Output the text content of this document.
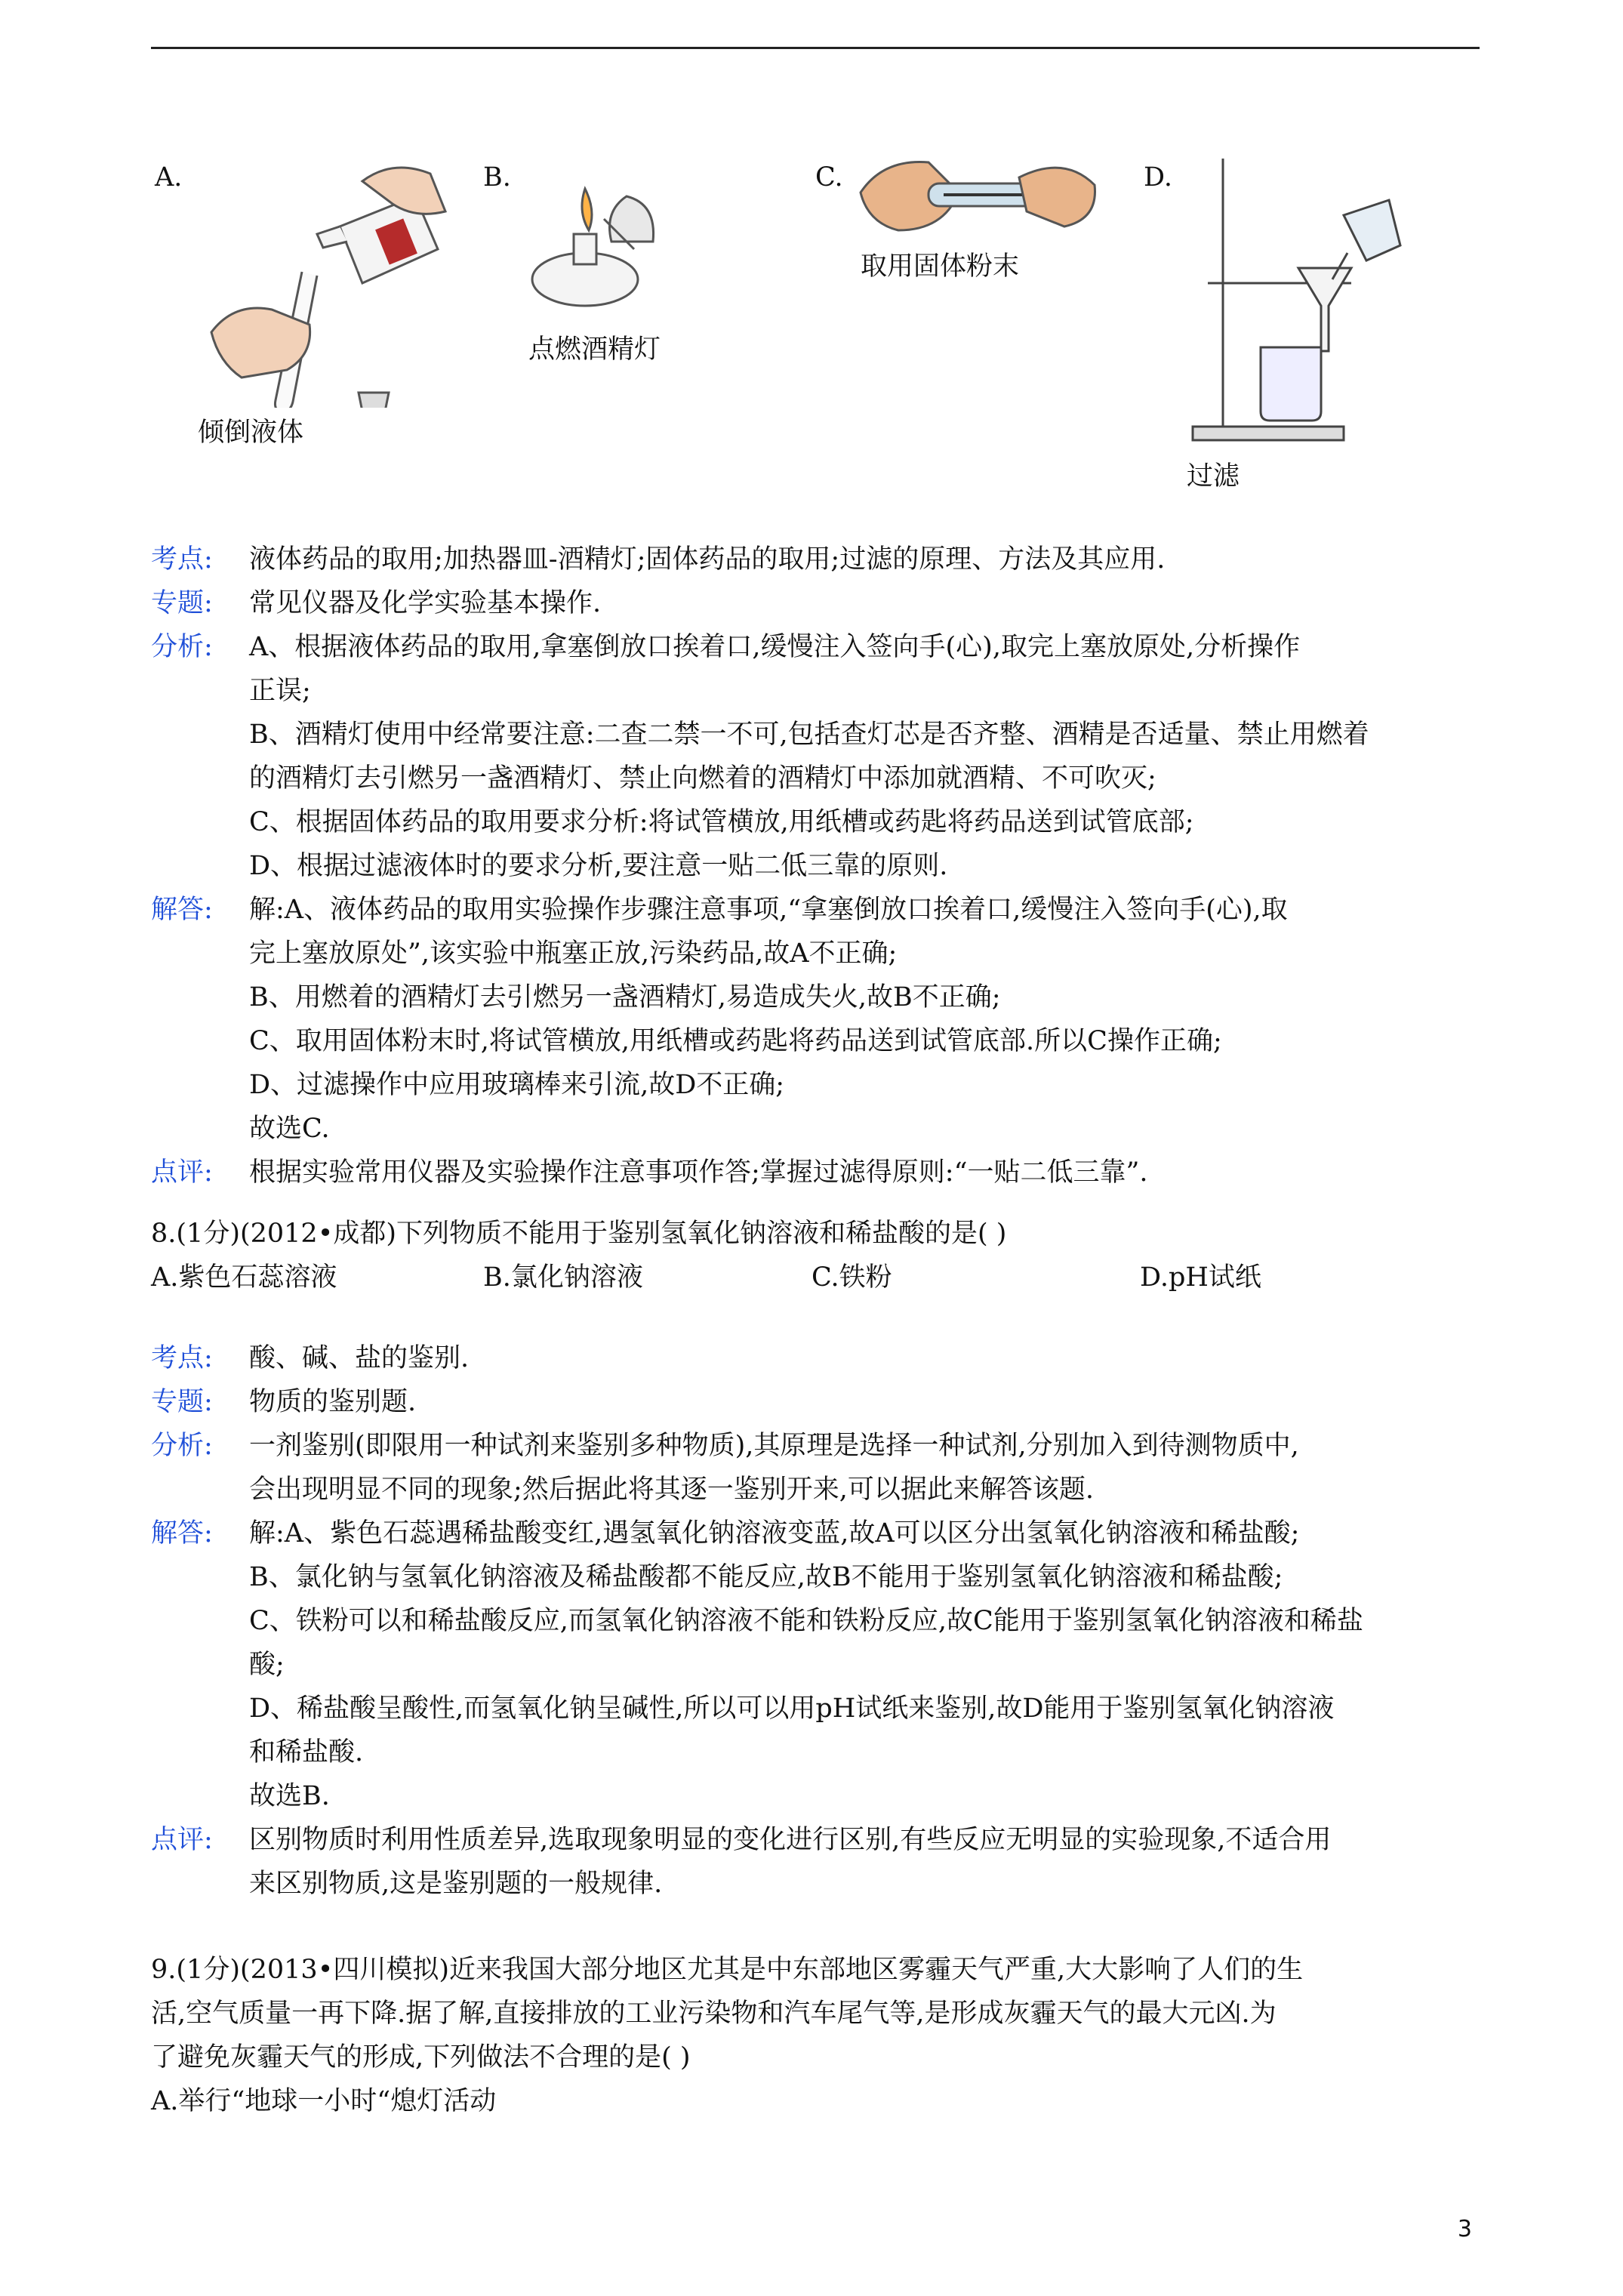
A.
倾倒液体
B.
点燃酒精灯
C.
取用固体粉末
D.
过滤
考点: 液体药品的取用;加热器皿-酒精灯;固体药品的取用;过滤的原理、方法及其应用.
专题: 常见仪器及化学实验基本操作.
分析: A、根据液体药品的取用,拿塞倒放口挨着口,缓慢注入签向手(心),取完上塞放原处,分析操作
正误;
B、酒精灯使用中经常要注意:二查二禁一不可,包括查灯芯是否齐整、酒精是否适量、禁止用燃着
的酒精灯去引燃另一盏酒精灯、禁止向燃着的酒精灯中添加就酒精、不可吹灭;
C、根据固体药品的取用要求分析:将试管横放,用纸槽或药匙将药品送到试管底部;
D、根据过滤液体时的要求分析,要注意一贴二低三靠的原则.
解答: 解:A、液体药品的取用实验操作步骤注意事项,“拿塞倒放口挨着口,缓慢注入签向手(心),取
完上塞放原处”,该实验中瓶塞正放,污染药品,故A不正确;
B、用燃着的酒精灯去引燃另一盏酒精灯,易造成失火,故B不正确;
C、取用固体粉末时,将试管横放,用纸槽或药匙将药品送到试管底部.所以C操作正确;
D、过滤操作中应用玻璃棒来引流,故D不正确;
故选C.
点评: 根据实验常用仪器及实验操作注意事项作答;掌握过滤得原则:“一贴二低三靠”.
8.(1分)(2012•成都)下列物质不能用于鉴别氢氧化钠溶液和稀盐酸的是( )
A.紫色石蕊溶液	B.氯化钠溶液	C.铁粉	D.pH试纸
考点: 酸、碱、盐的鉴别.
专题: 物质的鉴别题.
分析: 一剂鉴别(即限用一种试剂来鉴别多种物质),其原理是选择一种试剂,分别加入到待测物质中,
会出现明显不同的现象;然后据此将其逐一鉴别开来,可以据此来解答该题.
解答: 解:A、紫色石蕊遇稀盐酸变红,遇氢氧化钠溶液变蓝,故A可以区分出氢氧化钠溶液和稀盐酸;
B、氯化钠与氢氧化钠溶液及稀盐酸都不能反应,故B不能用于鉴别氢氧化钠溶液和稀盐酸;
C、铁粉可以和稀盐酸反应,而氢氧化钠溶液不能和铁粉反应,故C能用于鉴别氢氧化钠溶液和稀盐
酸;
D、稀盐酸呈酸性,而氢氧化钠呈碱性,所以可以用pH试纸来鉴别,故D能用于鉴别氢氧化钠溶液
和稀盐酸.
故选B.
点评: 区别物质时利用性质差异,选取现象明显的变化进行区别,有些反应无明显的实验现象,不适合用
来区别物质,这是鉴别题的一般规律.
9.(1分)(2013•四川模拟)近来我国大部分地区尤其是中东部地区雾霾天气严重,大大影响了人们的生
活,空气质量一再下降.据了解,直接排放的工业污染物和汽车尾气等,是形成灰霾天气的最大元凶.为
了避免灰霾天气的形成,下列做法不合理的是( )
A.举行“地球一小时“熄灯活动
3
